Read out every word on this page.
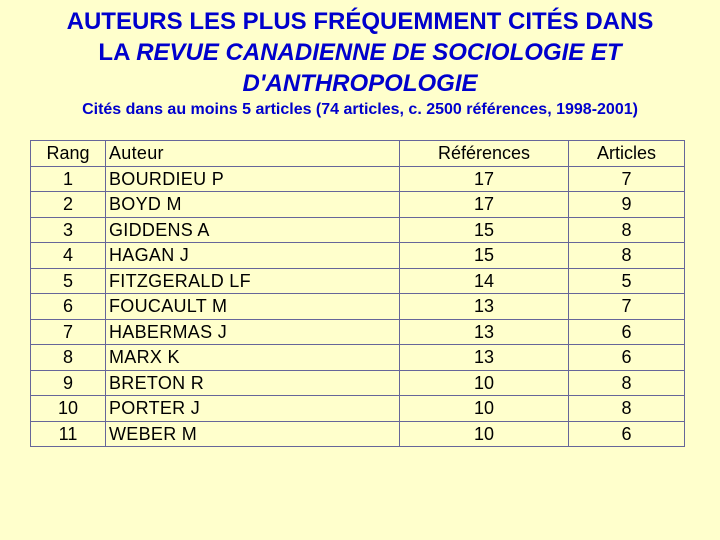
AUTEURS LES PLUS FRÉQUEMMENT CITÉS DANS
LA REVUE CANADIENNE DE SOCIOLOGIE ET
D'ANTHROPOLOGIE
Cités dans au moins 5 articles (74 articles, c. 2500 références, 1998-2001)
Rang	Auteur	Références	Articles
1	BOURDIEU P	17	7
2	BOYD M	17	9
3	GIDDENS A	15	8
4	HAGAN J	15	8
5	FITZGERALD LF	14	5
6	FOUCAULT M	13	7
7	HABERMAS J	13	6
8	MARX K	13	6
9	BRETON R	10	8
10	PORTER J	10	8
11	WEBER M	10	6
